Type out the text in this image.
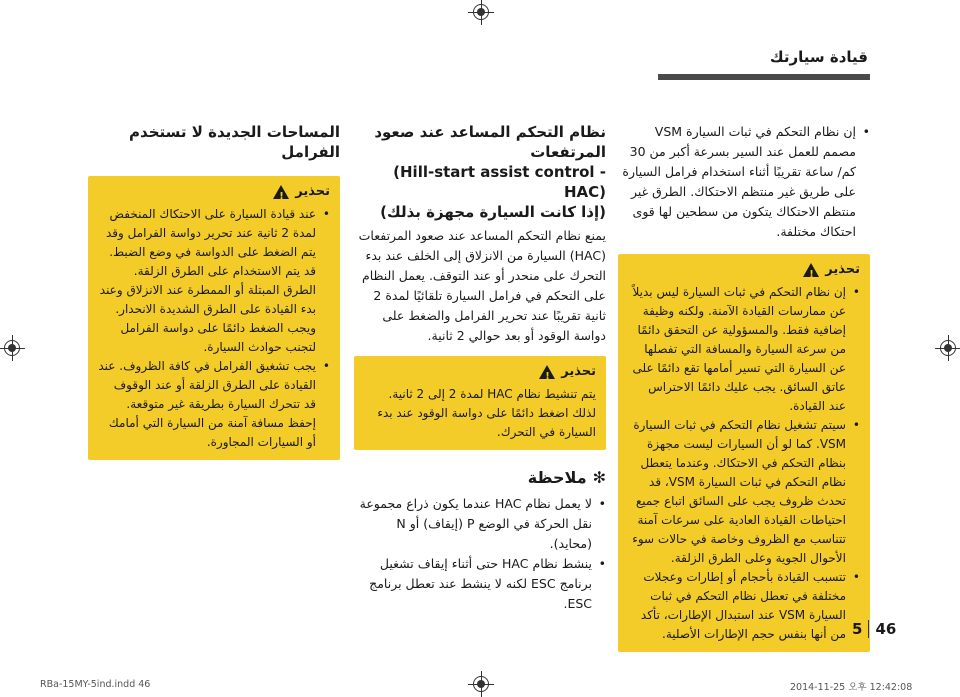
قيادة سيارتك
• إن نظام التحكم في ثبات السيارة VSM مصمم للعمل عند السير بسرعة أكبر من 30 كم/ ساعة تقريبًا أثناء استخدام فرامل السيارة على طريق غير منتظم الاحتكاك. الطرق غير منتظم الاحتكاك يتكون من سطحين لها قوى احتكاك مختلفة.
تحذير
!
• إن نظام التحكم في ثبات السيارة ليس بديلاً عن ممارسات القيادة الآمنة. ولكنه وظيفة إضافية فقط. والمسؤولية عن التحقق دائمًا من سرعة السيارة والمسافة التي تفصلها عن السيارة التي تسير أمامها تقع دائمًا على عاتق السائق. يجب عليك دائمًا الاحتراس عند القيادة.
• سيتم تشغيل نظام التحكم في ثبات السيارة VSM. كما لو أن السيارات ليست مجهزة بنظام التحكم في الاحتكاك. وعندما يتعطل نظام التحكم في ثبات السيارة VSM، قد تحدث ظروف يجب على السائق اتباع جميع احتياطات القيادة العادية على سرعات آمنة تتناسب مع الظروف وخاصة في حالات سوء الأحوال الجوية وعلى الطرق الزلقة.
• تتسبب القيادة بأحجام أو إطارات وعجلات مختلفة في تعطل نظام التحكم في ثبات السيارة VSM عند استبدال الإطارات، تأكد من أنها بنفس حجم الإطارات الأصلية.
نظام التحكم المساعد عند صعود المرتفعات
(Hill-start assist control - HAC)
(إذا كانت السيارة مجهزة بذلك)

يمنع نظام التحكم المساعد عند صعود المرتفعات (HAC) السيارة من الانزلاق إلى الخلف عند بدء التحرك على منحدر أو عند التوقف. يعمل النظام على التحكم في فرامل السيارة تلقائيًا لمدة 2 ثانية تقريبًا عند تحرير الفرامل والضغط على دواسة الوقود أو بعد حوالي 2 ثانية.

تحذير
!

يتم تنشيط نظام HAC لمدة 2 إلى 2 ثانية. لذلك اضغط دائمًا على دواسة الوقود عند بدء السيارة في التحرك.

✻
ملاحظة
• لا يعمل نظام HAC عندما يكون ذراع مجموعة نقل الحركة في الوضع P (إيقاف) أو N (محايد).
• ينشط نظام HAC حتى أثناء إيقاف تشغيل برنامج ESC لكنه لا ينشط عند تعطل برنامج ESC.
المساحات الجديدة لا تستخدم الفرامل
تحذير
!
• عند قيادة السيارة على الاحتكاك المنخفض لمدة 2 ثانية عند تحرير دواسة الفرامل وقد يتم الضغط على الدواسة في وضع الضبط. قد يتم الاستخدام على الطرق الزلقة. الطرق المبتلة أو الممطرة عند الانزلاق وعند بدء القيادة على الطرق الشديدة الانحدار. ويجب الضغط دائمًا على دواسة الفرامل لتجنب حوادث السيارة.
• يجب تشغيق الفرامل في كافة الظروف. عند القيادة على الطرق الزلقة أو عند الوقوف قد تتحرك السيارة بطريقة غير متوقعة. إحفظ مسافة آمنة من السيارة التي أمامك أو السيارات المجاورة.
5 46
RBa-15MY-5ind.indd 46	2014-11-25 오후 12:42:08
